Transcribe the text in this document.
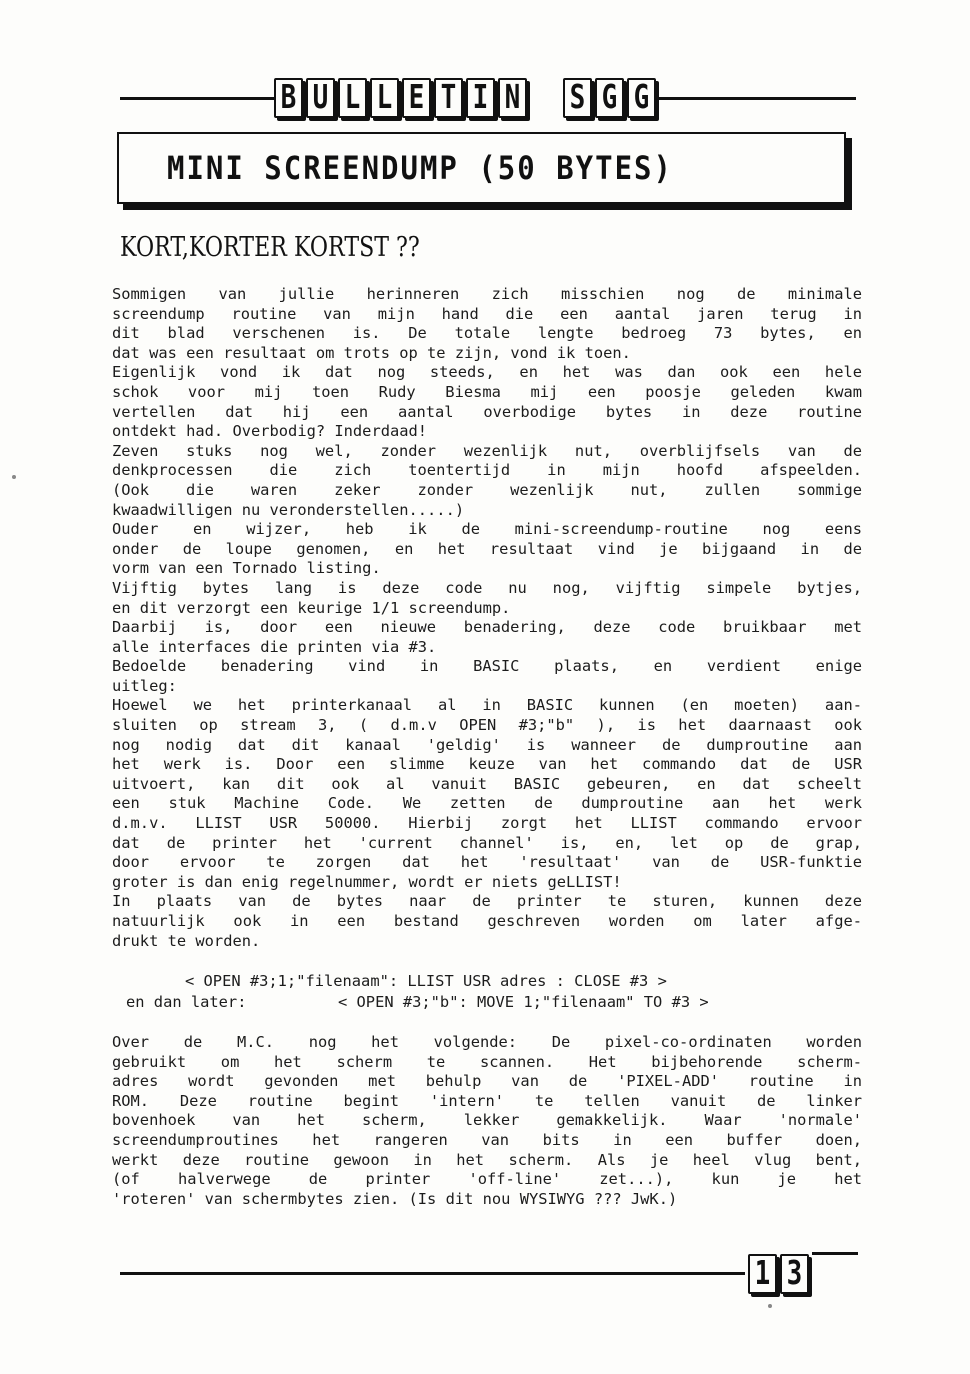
B U L L E T I N S G G
MINI SCREENDUMP (50 BYTES)
KORT,KORTER KORTST ??
Sommigen van jullie herinneren zich misschien nog de minimale
screendump routine van mijn hand die een aantal jaren terug in
dit blad verschenen is. De totale lengte bedroeg 73 bytes, en
dat was een resultaat om trots op te zijn, vond ik toen.
Eigenlijk vond ik dat nog steeds, en het was dan ook een hele
schok voor mij toen Rudy Biesma mij een poosje geleden kwam
vertellen dat hij een aantal overbodige bytes in deze routine
ontdekt had. Overbodig? Inderdaad!
Zeven stuks nog wel, zonder wezenlijk nut, overblijfsels van de
denkprocessen die zich toentertijd in mijn hoofd afspeelden.
(Ook die waren zeker zonder wezenlijk nut, zullen sommige
kwaadwilligen nu veronderstellen.....)
Ouder en wijzer, heb ik de mini-screendump-routine nog eens
onder de loupe genomen, en het resultaat vind je bijgaand in de
vorm van een Tornado listing.
Vijftig bytes lang is deze code nu nog, vijftig simpele bytjes,
en dit verzorgt een keurige 1/1 screendump.
Daarbij is, door een nieuwe benadering, deze code bruikbaar met
alle interfaces die printen via #3.
Bedoelde benadering vind in BASIC plaats, en verdient enige
uitleg:
Hoewel we het printerkanaal al in BASIC kunnen (en moeten) aan-
sluiten op stream 3, ( d.m.v OPEN #3;"b" ), is het daarnaast ook
nog nodig dat dit kanaal 'geldig' is wanneer de dumproutine aan
het werk is. Door een slimme keuze van het commando dat de USR
uitvoert, kan dit ook al vanuit BASIC gebeuren, en dat scheelt
een stuk Machine Code. We zetten de dumproutine aan het werk
d.m.v. LLIST USR 50000. Hierbij zorgt het LLIST commando ervoor
dat de printer het 'current channel' is, en, let op de grap,
door ervoor te zorgen dat het 'resultaat' van de USR-funktie
groter is dan enig regelnummer, wordt er niets geLLIST!
In plaats van de bytes naar de printer te sturen, kunnen deze
natuurlijk ook in een bestand geschreven worden om later afge-
drukt te worden.
< OPEN #3;1;"filenaam": LLIST USR adres : CLOSE #3 >
en dan later:	< OPEN #3;"b": MOVE 1;"filenaam" TO #3 >
Over de M.C. nog het volgende: De pixel-co-ordinaten worden
gebruikt om het scherm te scannen. Het bijbehorende scherm-
adres wordt gevonden met behulp van de 'PIXEL-ADD' routine in
ROM. Deze routine begint 'intern' te tellen vanuit de linker
bovenhoek van het scherm, lekker gemakkelijk. Waar 'normale'
screendumproutines het rangeren van bits in een buffer doen,
werkt deze routine gewoon in het scherm. Als je heel vlug bent,
(of halverwege de printer 'off-line' zet...), kun je het
'roteren' van schermbytes zien. (Is dit nou WYSIWYG ??? JwK.)
1 3
